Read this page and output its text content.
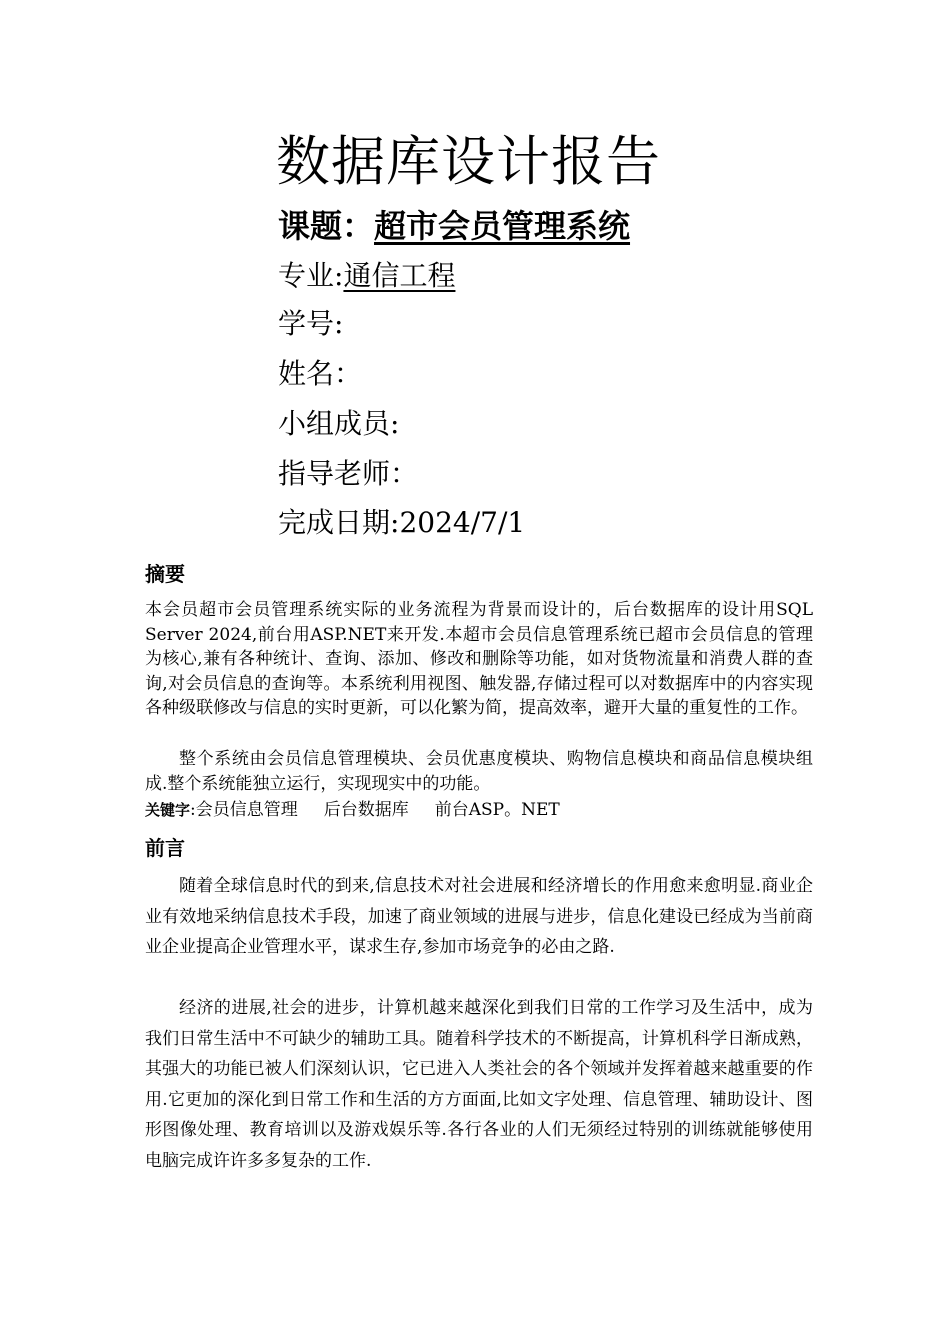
数据库设计报告
课题：超市会员管理系统
专业:通信工程
学号:
姓名：
小组成员:
指导老师：
完成日期:2024/7/1
摘要
本会员超市会员管理系统实际的业务流程为背景而设计的，后台数据库的设计用SQL Server 2024,前台用ASP.NET来开发.本超市会员信息管理系统已超市会员信息的管理为核心,兼有各种统计、查询、添加、修改和删除等功能，如对货物流量和消费人群的查询,对会员信息的查询等。本系统利用视图、触发器,存储过程可以对数据库中的内容实现各种级联修改与信息的实时更新，可以化繁为简，提高效率，避开大量的重复性的工作。
整个系统由会员信息管理模块、会员优惠度模块、购物信息模块和商品信息模块组成.整个系统能独立运行，实现现实中的功能。
关键字:会员信息管理 后台数据库 前台ASP。NET
前言
随着全球信息时代的到来,信息技术对社会进展和经济增长的作用愈来愈明显.商业企业有效地采纳信息技术手段，加速了商业领域的进展与进步，信息化建设已经成为当前商业企业提高企业管理水平，谋求生存,参加市场竞争的必由之路.
经济的进展,社会的进步，计算机越来越深化到我们日常的工作学习及生活中，成为我们日常生活中不可缺少的辅助工具。随着科学技术的不断提高，计算机科学日渐成熟，其强大的功能已被人们深刻认识，它已进入人类社会的各个领域并发挥着越来越重要的作用.它更加的深化到日常工作和生活的方方面面,比如文字处理、信息管理、辅助设计、图形图像处理、教育培训以及游戏娱乐等.各行各业的人们无须经过特别的训练就能够使用电脑完成许许多多复杂的工作.
